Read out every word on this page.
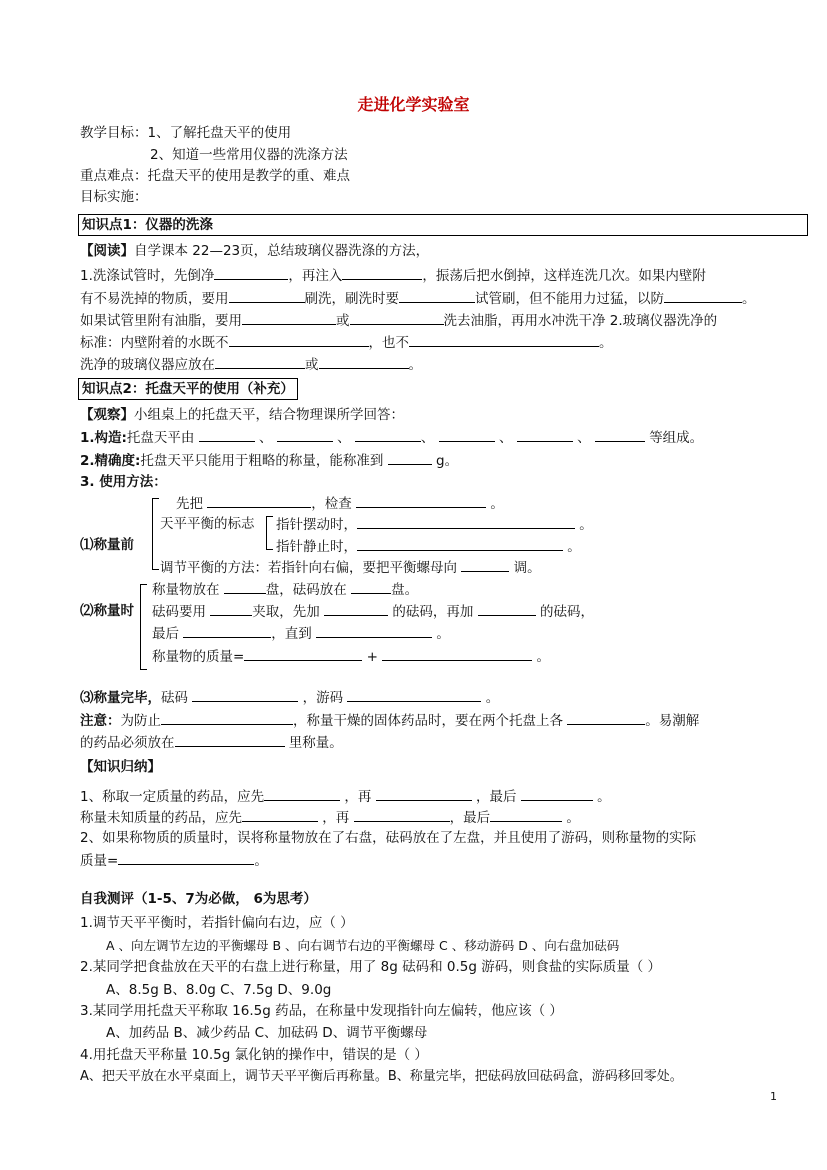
走进化学实验室
教学目标：1、了解托盘天平的使用
2、知道一些常用仪器的洗涤方法
重点难点：托盘天平的使用是教学的重、难点
目标实施：
知识点1：仪器的洗涤
【阅读】自学课本 22—23页，总结玻璃仪器洗涤的方法，
1.洗涤试管时，先倒净	，再注入	，振荡后把水倒掉，这样连洗几次。如果内壁附
有不易洗掉的物质，要用	刷洗，刷洗时要	试管刷，但不能用力过猛，以防	。
如果试管里附有油脂，要用	或	洗去油脂，再用水冲洗干净 2.玻璃仪器洗净的
标准：内壁附着的水既不	，也不	。
洗净的玻璃仪器应放在	或	。
知识点2：托盘天平的使用（补充）
【观察】小组桌上的托盘天平，结合物理课所学回答：
1.构造:托盘天平由	、	、	、	、	、	等组成。
2.精确度:托盘天平只能用于粗略的称量，能称准到	g。
3. 使用方法：
⑴称量前
先把	，检查	。
天平平衡的标志 指针摆动时，	。
指针静止时，	。
调节平衡的方法：若指针向右偏，要把平衡螺母向	调。
⑵称量时
称量物放在	盘，砝码放在	盘。
砝码要用	夹取，先加	的砝码，再加	的砝码，
最后	，直到	。
称量物的质量=	+	。
⑶称量完毕，砝码	，游码	。
注意：为防止	，称量干燥的固体药品时，要在两个托盘上各	。易潮解
的药品必须放在	里称量。
【知识归纳】
1、称取一定质量的药品，应先	，再	，最后	。
称量未知质量的药品，应先	，再	，最后	。
2、如果称物质的质量时，误将称量物放在了右盘，砝码放在了左盘，并且使用了游码，则称量物的实际
质量=	。
自我测评（1-5、7为必做， 6为思考）
1.调节天平平衡时，若指针偏向右边，应（ ）
A 、向左调节左边的平衡螺母 B 、向右调节右边的平衡螺母 C 、移动游码 D 、向右盘加砝码
2.某同学把食盐放在天平的右盘上进行称量，用了 8g 砝码和 0.5g 游码，则食盐的实际质量（ ）
A、8.5g B、8.0g C、7.5g D、9.0g
3.某同学用托盘天平称取 16.5g 药品，在称量中发现指针向左偏转，他应该（ ）
A、加药品 B、减少药品 C、加砝码 D、调节平衡螺母
4.用托盘天平称量 10.5g 氯化钠的操作中，错误的是（ ）
A、把天平放在水平桌面上，调节天平平衡后再称量。B、称量完毕，把砝码放回砝码盒，游码移回零处。
1
